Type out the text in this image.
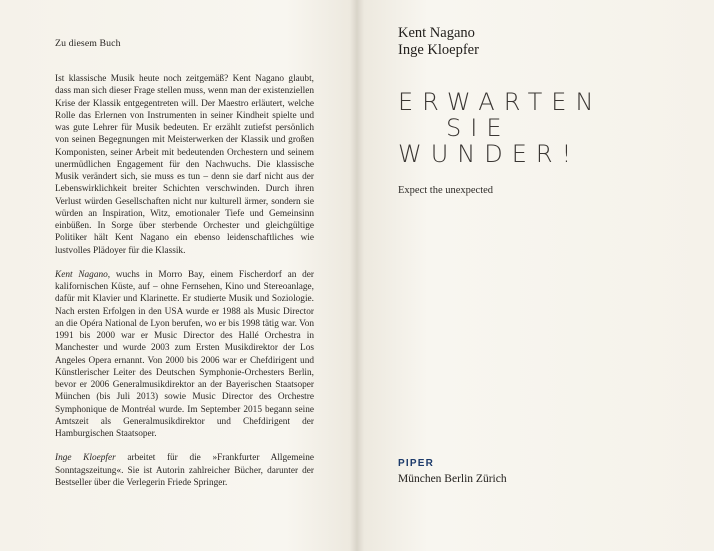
Zu diesem Buch

Ist klassische Musik heute noch zeitgemäß? Kent Nagano glaubt, dass man sich dieser Frage stellen muss, wenn man der existenziellen Krise der Klassik entgegentreten will. Der Maestro erläutert, welche Rolle das Erlernen von Instrumenten in seiner Kindheit spielte und was gute Lehrer für Musik bedeuten. Er erzählt zutiefst persönlich von seinen Begegnungen mit Meisterwerken der Klassik und großen Komponisten, seiner Arbeit mit bedeutenden Orchestern und seinem unermüdlichen Engagement für den Nachwuchs. Die klassische Musik verändert sich, sie muss es tun – denn sie darf nicht aus der Lebenswirklichkeit breiter Schichten verschwinden. Durch ihren Verlust würden Gesellschaften nicht nur kulturell ärmer, sondern sie würden an Inspiration, Witz, emotionaler Tiefe und Gemeinsinn einbüßen. In Sorge über sterbende Orchester und gleichgültige Politiker hält Kent Nagano ein ebenso leidenschaftliches wie lustvolles Plädoyer für die Klassik.

Kent Nagano, wuchs in Morro Bay, einem Fischerdorf an der kalifornischen Küste, auf – ohne Fernsehen, Kino und Stereoanlage, dafür mit Klavier und Klarinette. Er studierte Musik und Soziologie. Nach ersten Erfolgen in den USA wurde er 1988 als Music Director an die Opéra National de Lyon berufen, wo er bis 1998 tätig war. Von 1991 bis 2000 war er Music Director des Hallé Orchestra in Manchester und wurde 2003 zum Ersten Musikdirektor der Los Angeles Opera ernannt. Von 2000 bis 2006 war er Chefdirigent und Künstlerischer Leiter des Deutschen Symphonie-Orchesters Berlin, bevor er 2006 Generalmusikdirektor an der Bayerischen Staatsoper München (bis Juli 2013) sowie Music Director des Orchestre Symphonique de Montréal wurde. Im September 2015 begann seine Amtszeit als Generalmusikdirektor und Chefdirigent der Hamburgischen Staatsoper.

Inge Kloepfer arbeitet für die »Frankfurter Allgemeine Sonntagszeitung«. Sie ist Autorin zahlreicher Bücher, darunter der Bestseller über die Verlegerin Friede Springer.

Kent Nagano

Inge Kloepfer

ERWARTEN
SIE
WUNDER!

Expect the unexpected

PIPER
München Berlin Zürich
